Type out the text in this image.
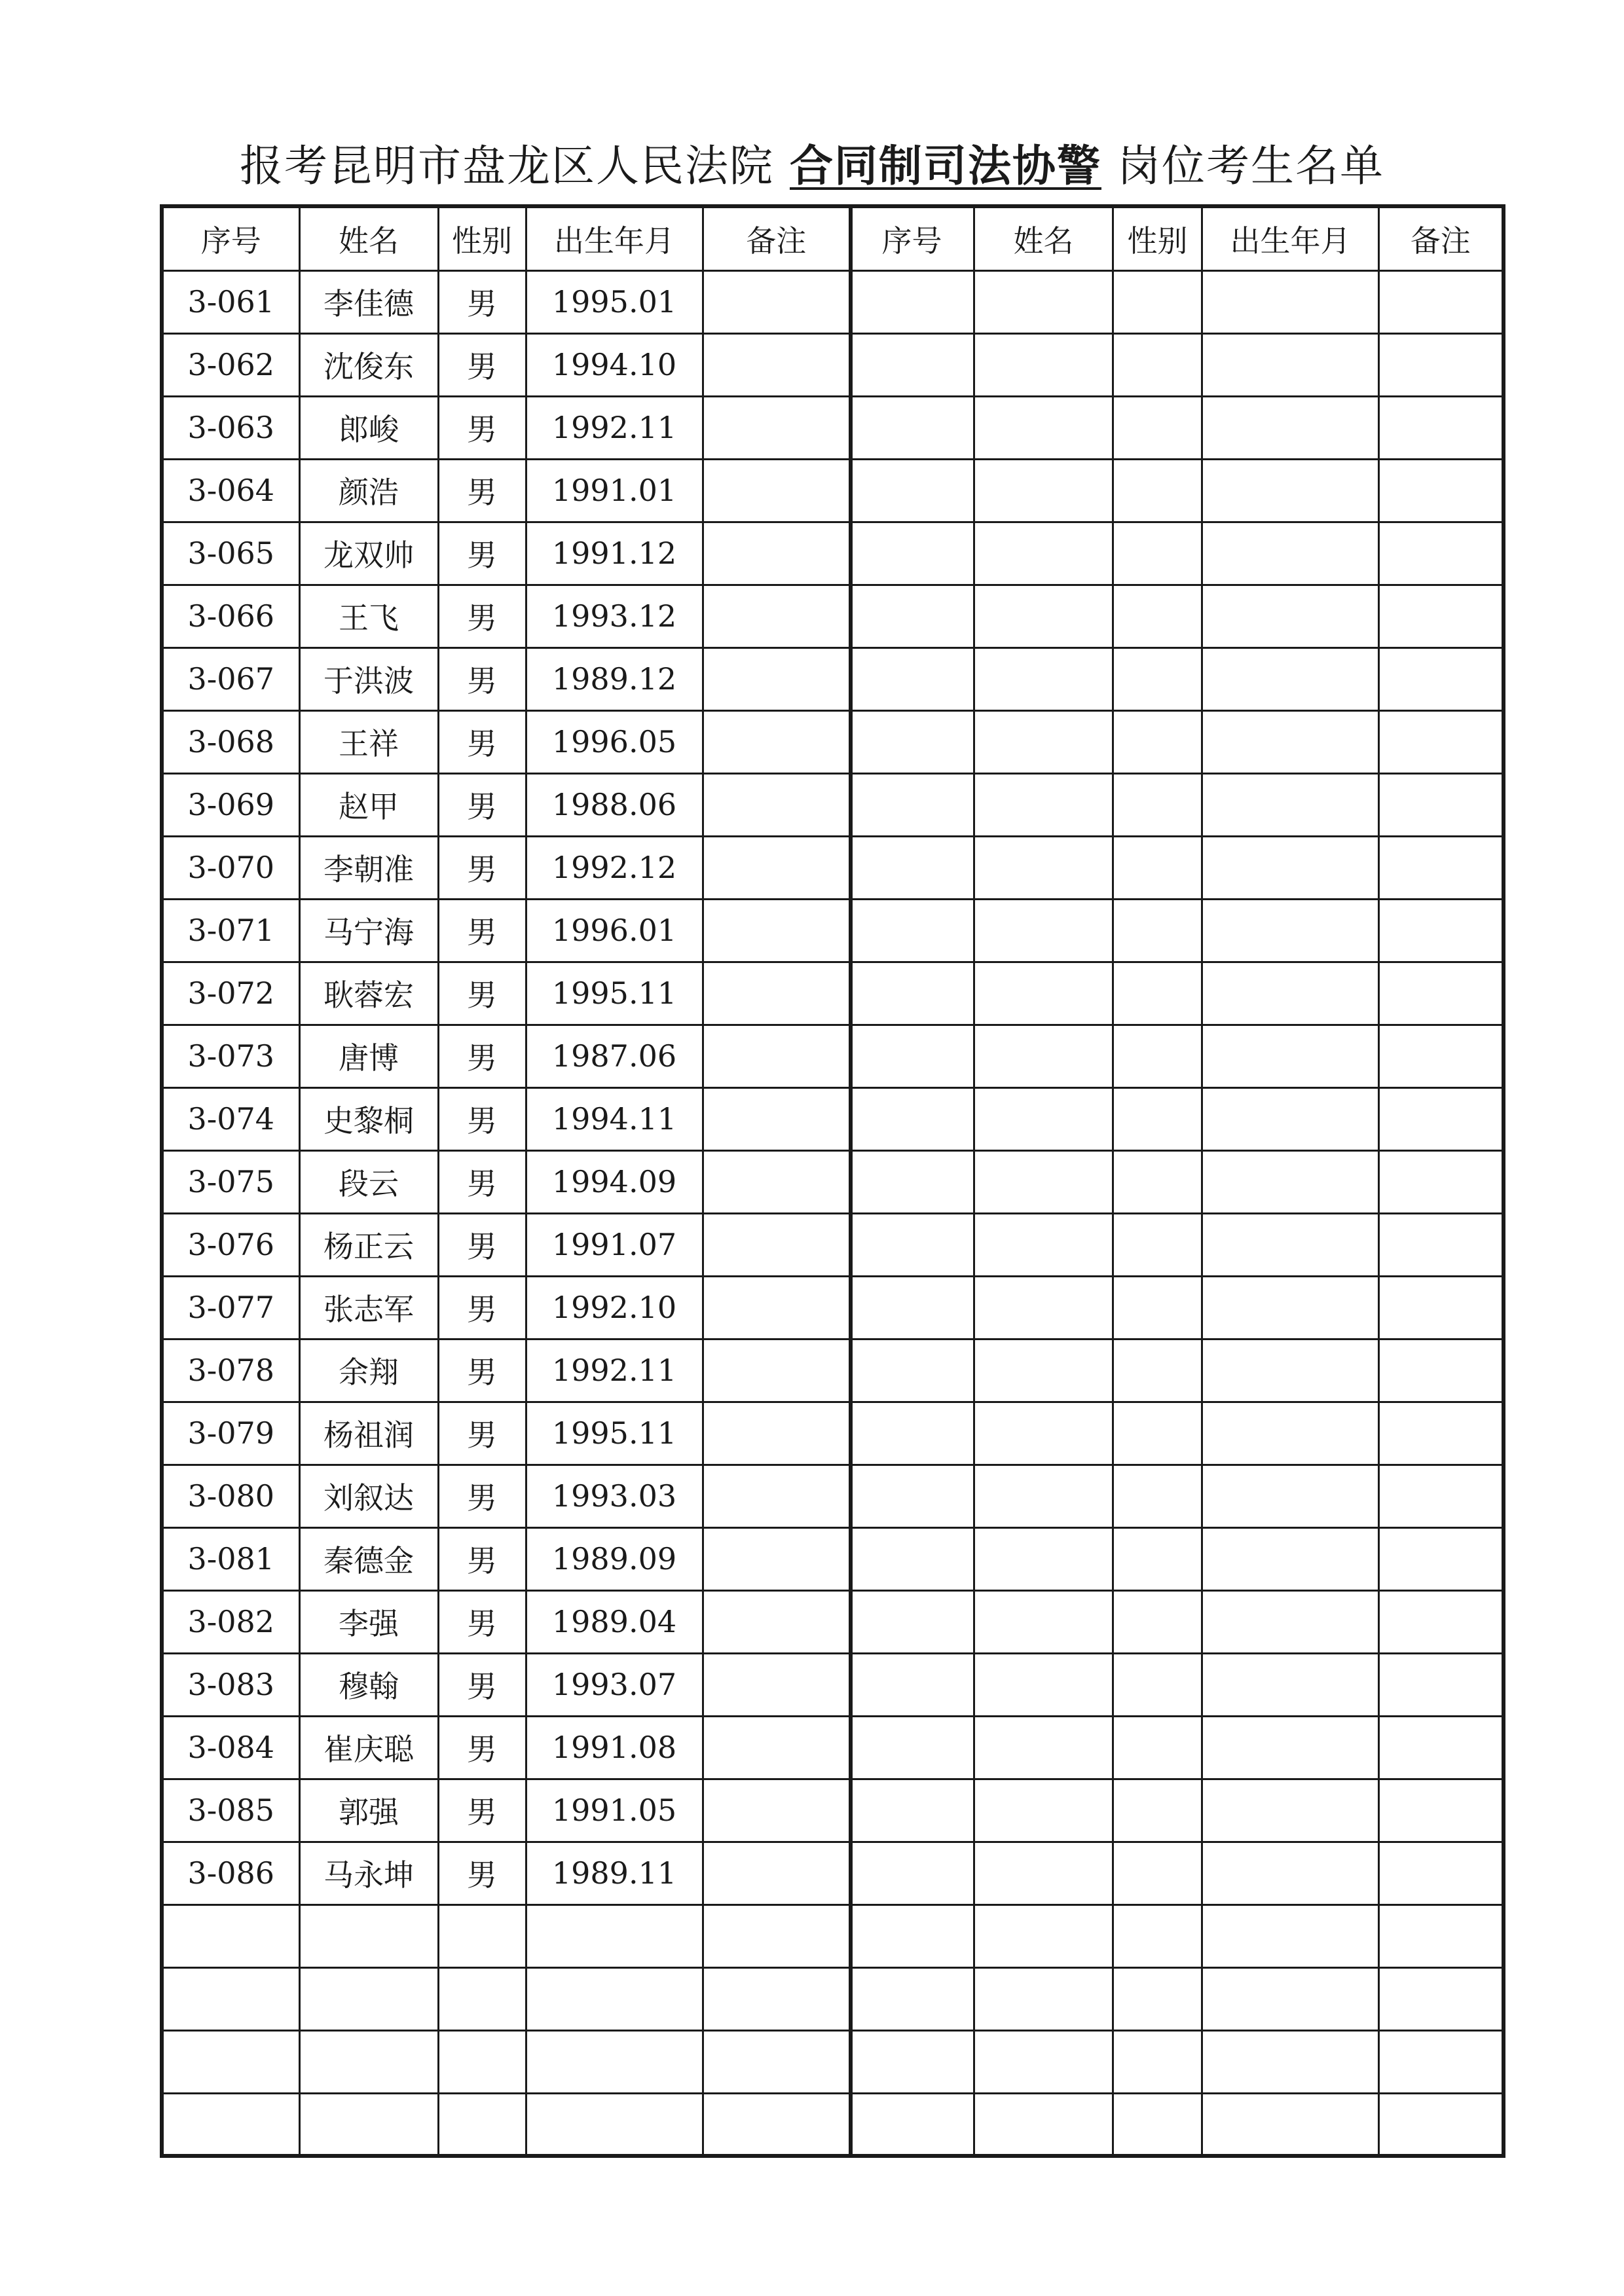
报考昆明市盘龙区人民法院 合同制司法协警 岗位考生名单
序号	姓名	性别	出生年月	备注
3-061	李佳德	男	1995.01	
3-062	沈俊东	男	1994.10	
3-063	郎峻	男	1992.11	
3-064	颜浩	男	1991.01	
3-065	龙双帅	男	1991.12	
3-066	王飞	男	1993.12	
3-067	于洪波	男	1989.12	
3-068	王祥	男	1996.05	
3-069	赵甲	男	1988.06	
3-070	李朝准	男	1992.12	
3-071	马宁海	男	1996.01	
3-072	耿蓉宏	男	1995.11	
3-073	唐博	男	1987.06	
3-074	史黎桐	男	1994.11	
3-075	段云	男	1994.09	
3-076	杨正云	男	1991.07	
3-077	张志军	男	1992.10	
3-078	余翔	男	1992.11	
3-079	杨祖润	男	1995.11	
3-080	刘叙达	男	1993.03	
3-081	秦德金	男	1989.09	
3-082	李强	男	1989.04	
3-083	穆翰	男	1993.07	
3-084	崔庆聪	男	1991.08	
3-085	郭强	男	1991.05	
3-086	马永坤	男	1989.11	

序号	姓名	性别	出生年月	备注
